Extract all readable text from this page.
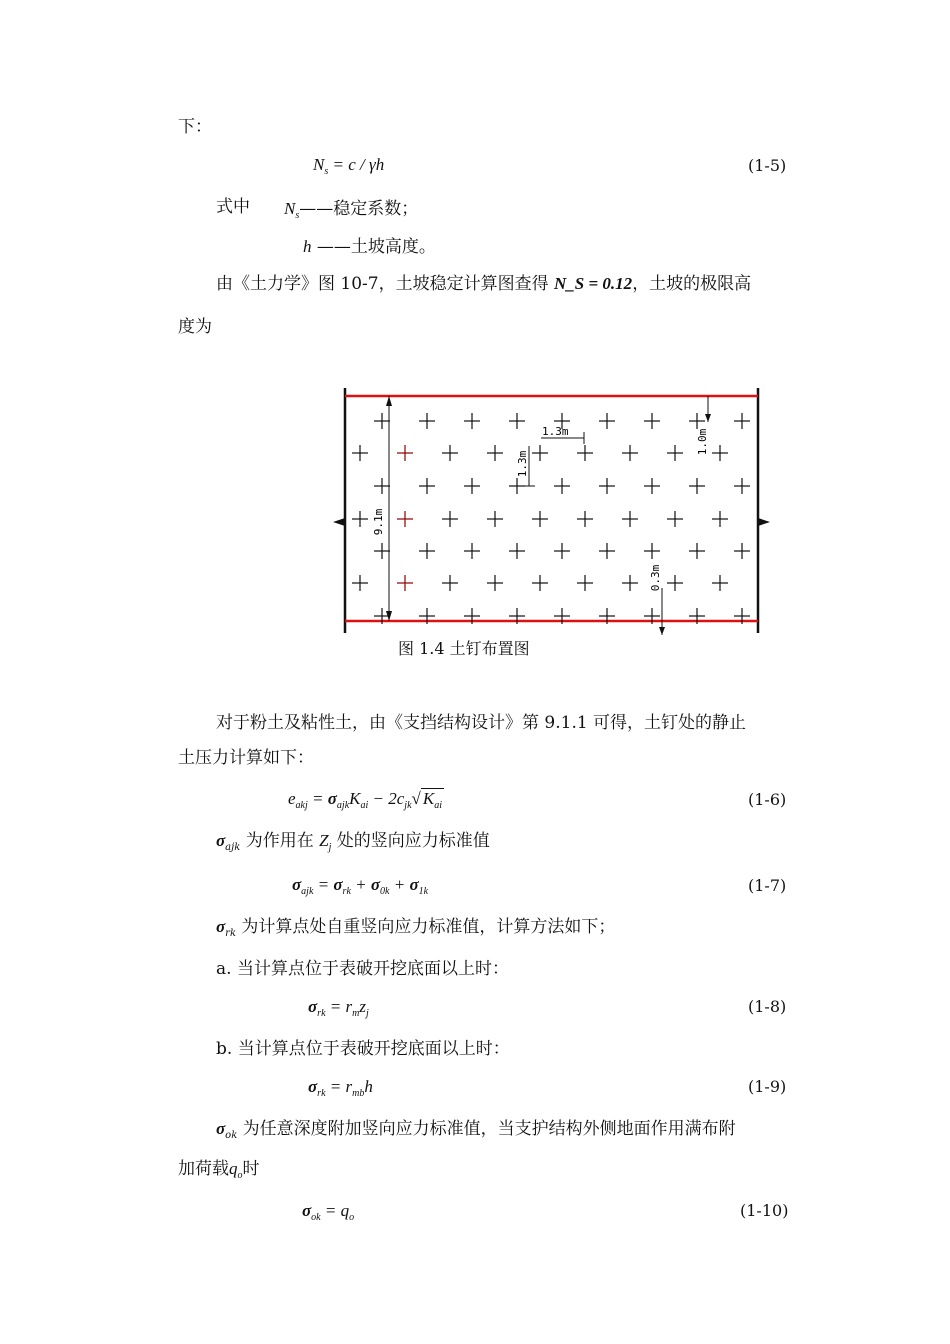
下：
$N_s = c / \gamma h$	(1-5)
式中 $N_s——$稳定系数；
h ——土坡高度。
由《土力学》图 10-7，土坡稳定计算图查得 N_S = 0.12，土坡的极限高
度为
9.1m
1.3m
1.3m
1.0m
0.3m
图 1.4 土钉布置图
对于粉土及粘性土，由《支挡结构设计》第 9.1.1 可得，土钉处的静止
土压力计算如下：
$e_{akj} = \sigma_{ajk}K_{ai} - 2c_{jk}√$ $K_{ai}$	(1-6)
$\sigma_{ajk}$ 为作用在 $Z_j$ 处的竖向应力标准值
$\sigma_{ajk} = \sigma_{rk} + \sigma_{0k} + \sigma_{1k}$	(1-7)
$\sigma_{rk}$ 为计算点处自重竖向应力标准值，计算方法如下；
a. 当计算点位于表破开挖底面以上时：
$\sigma_{rk} = r_mz_j$	(1-8)
b. 当计算点位于表破开挖底面以上时：
$\sigma_{rk} = r_{mb}h$	(1-9)
$\sigma_{ok}$ 为任意深度附加竖向应力标准值，当支护结构外侧地面作用满布附
加荷载$q_o$时
$\sigma_{ok} = q_o$	(1-10)
